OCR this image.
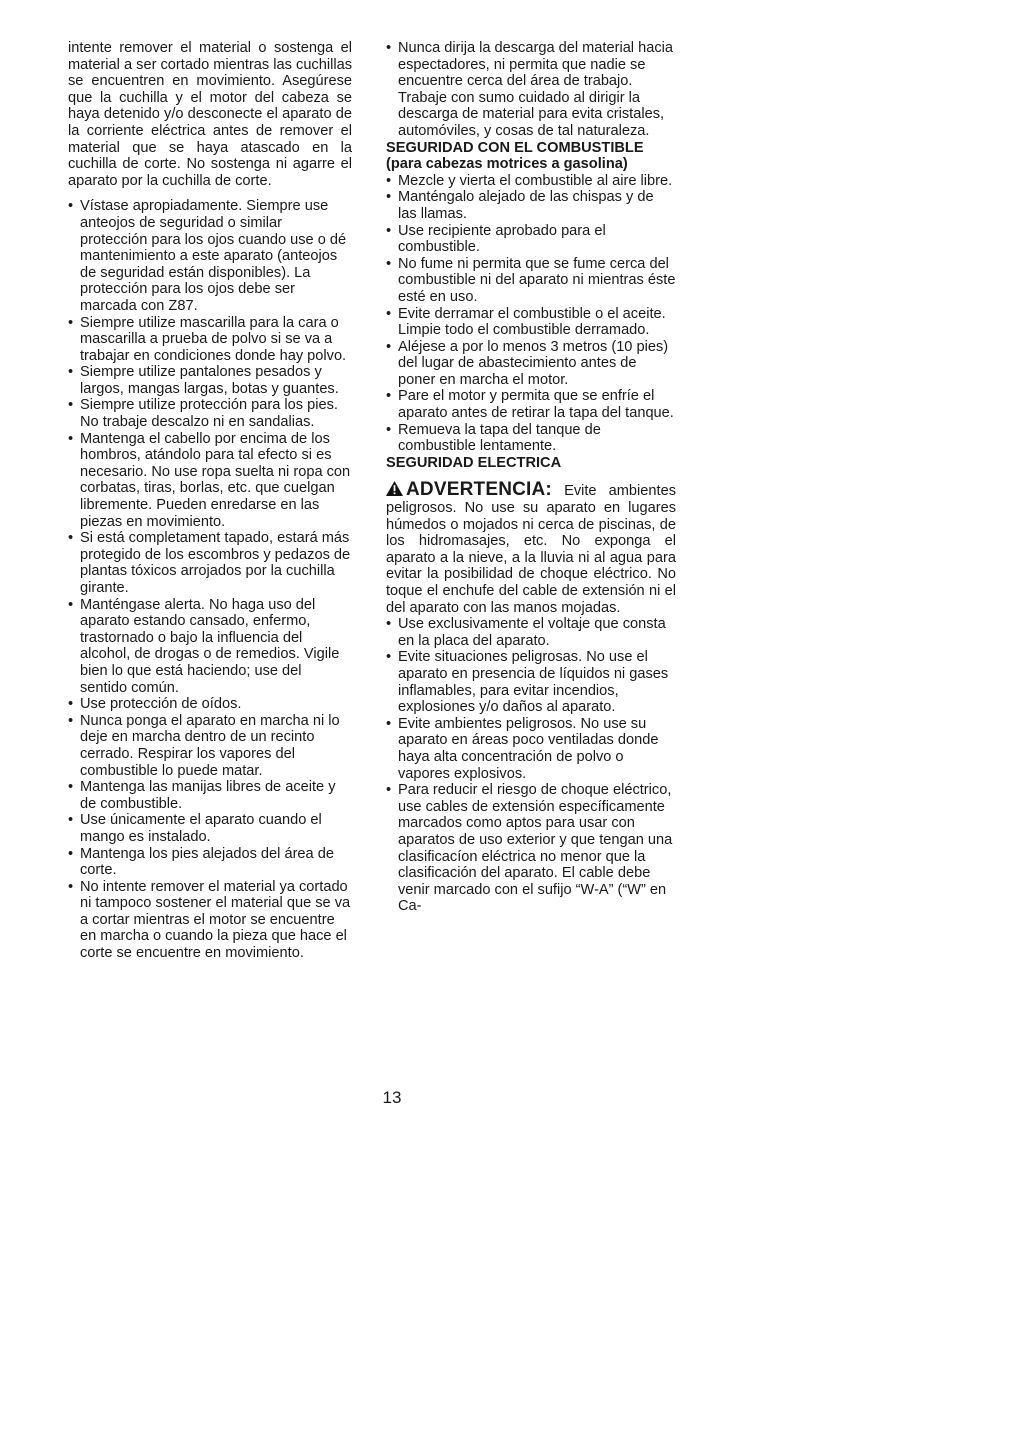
intente remover el material o sostenga el material a ser cortado mientras las cuchillas se encuentren en movimiento. Asegúrese que la cuchilla y el motor del cabeza se haya detenido y/o desconecte el aparato de la corriente eléctrica antes de remover el material que se haya atascado en la cuchilla de corte. No sostenga ni agarre el aparato por la cuchilla de corte.

• Vístase apropiadamente. Siempre use anteojos de seguridad o similar protección para los ojos cuando use o dé mantenimiento a este aparato (anteojos de seguridad están disponibles). La protección para los ojos debe ser marcada con Z87.
• Siempre utilize mascarilla para la cara o mascarilla a prueba de polvo si se va a trabajar en condiciones donde hay polvo.
• Siempre utilize pantalones pesados y largos, mangas largas, botas y guantes.
• Siempre utilize protección para los pies. No trabaje descalzo ni en sandalias.
• Mantenga el cabello por encima de los hombros, atándolo para tal efecto si es necesario. No use ropa suelta ni ropa con corbatas, tiras, borlas, etc. que cuelgan libremente. Pueden enredarse en las piezas en movimiento.
• Si está completament tapado, estará más protegido de los escombros y pedazos de plantas tóxicos arrojados por la cuchilla girante.
• Manténgase alerta. No haga uso del aparato estando cansado, enfermo, trastornado o bajo la influencia del alcohol, de drogas o de remedios. Vigile bien lo que está haciendo; use del sentido común.
• Use protección de oídos.
• Nunca ponga el aparato en marcha ni lo deje en marcha dentro de un recinto cerrado. Respirar los vapores del combustible lo puede matar.
• Mantenga las manijas libres de aceite y de combustible.
• Use únicamente el aparato cuando el mango es instalado.
• Mantenga los pies alejados del área de corte.
• No intente remover el material ya cortado ni tampoco sostener el material que se va a cortar mientras el motor se encuentre en marcha o cuando la pieza que hace el corte se encuentre en movimiento.
• Nunca dirija la descarga del material hacia espectadores, ni permita que nadie se encuentre cerca del área de trabajo. Trabaje con sumo cuidado al dirigir la descarga de material para evita cristales, automóviles, y cosas de tal naturaleza.

SEGURIDAD CON EL COMBUSTIBLE (para cabezas motrices a gasolina)

• Mezcle y vierta el combustible al aire libre.
• Manténgalo alejado de las chispas y de las llamas.
• Use recipiente aprobado para el combustible.
• No fume ni permita que se fume cerca del combustible ni del aparato ni mientras éste esté en uso.
• Evite derramar el combustible o el aceite. Limpie todo el combustible derramado.
• Aléjese a por lo menos 3 metros (10 pies) del lugar de abastecimiento antes de poner en marcha el motor.
• Pare el motor y permita que se enfríe el aparato antes de retirar la tapa del tanque.
• Remueva la tapa del tanque de combustible lentamente.

SEGURIDAD ELECTRICA

ADVERTENCIA: Evite ambientes peligrosos. No use su aparato en lugares húmedos o mojados ni cerca de piscinas, de los hidromasajes, etc. No exponga el aparato a la nieve, a la lluvia ni al agua para evitar la posibilidad de choque eléctrico. No toque el enchufe del cable de extensión ni el del aparato con las manos mojadas.

• Use exclusivamente el voltaje que consta en la placa del aparato.
• Evite situaciones peligrosas. No use el aparato en presencia de líquidos ni gases inflamables, para evitar incendios, explosiones y/o daños al aparato.
• Evite ambientes peligrosos. No use su aparato en áreas poco ventiladas donde haya alta concentración de polvo o vapores explosivos.
• Para reducir el riesgo de choque eléctrico, use cables de extensión específicamente marcados como aptos para usar con aparatos de uso exterior y que tengan una clasificacíon eléctrica no menor que la clasificación del aparato. El cable debe venir marcado con el sufijo “W-A” (“W” en Ca-
13
